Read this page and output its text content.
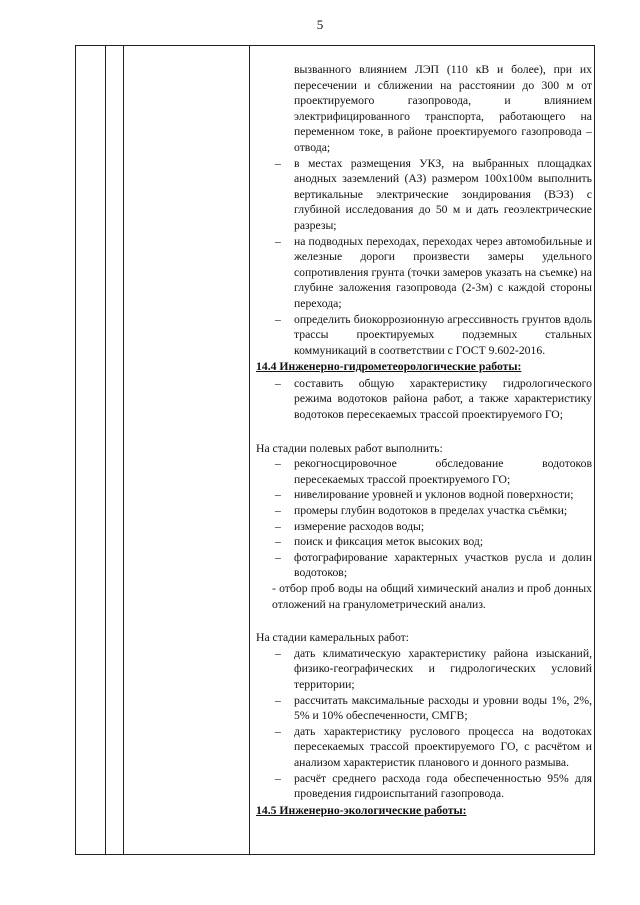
5
вызванного влиянием ЛЭП (110 кВ и более), при их пересечении и сближении на расстоянии до 300 м от проектируемого газопровода, и влиянием электрифицированного транспорта, работающего на переменном токе, в районе проектируемого газопровода – отвода;
– в местах размещения УКЗ, на выбранных площадках анодных заземлений (АЗ) размером 100х100м выполнить вертикальные электрические зондирования (ВЭЗ) с глубиной исследования до 50 м и дать геоэлектрические разрезы;
– на подводных переходах, переходах через автомобильные и железные дороги произвести замеры удельного сопротивления грунта (точки замеров указать на съемке) на глубине заложения газопровода (2-3м) с каждой стороны перехода;
– определить биокоррозионную агрессивность грунтов вдоль трассы проектируемых подземных стальных коммуникаций в соответствии с ГОСТ 9.602-2016.
14.4 Инженерно-гидрометеорологические работы:
– составить общую характеристику гидрологического режима водотоков района работ, а также характеристику водотоков пересекаемых трассой проектируемого ГО;
На стадии полевых работ выполнить:
– рекогносцировочное обследование водотоков пересекаемых трассой проектируемого ГО;
– нивелирование уровней и уклонов водной поверхности;
– промеры глубин водотоков в пределах участка съёмки;
– измерение расходов воды;
– поиск и фиксация меток высоких вод;
– фотографирование характерных участков русла и долин водотоков;
- отбор проб воды на общий химический анализ и проб донных отложений на гранулометрический анализ.
На стадии камеральных работ:
– дать климатическую характеристику района изысканий, физико-географических и гидрологических условий территории;
– рассчитать максимальные расходы и уровни воды 1%, 2%, 5% и 10% обеспеченности, СМГВ;
– дать характеристику руслового процесса на водотоках пересекаемых трассой проектируемого ГО, с расчётом и анализом характеристик планового и донного размыва.
– расчёт среднего расхода года обеспеченностью 95% для проведения гидроиспытаний газопровода.
14.5 Инженерно-экологические работы:
